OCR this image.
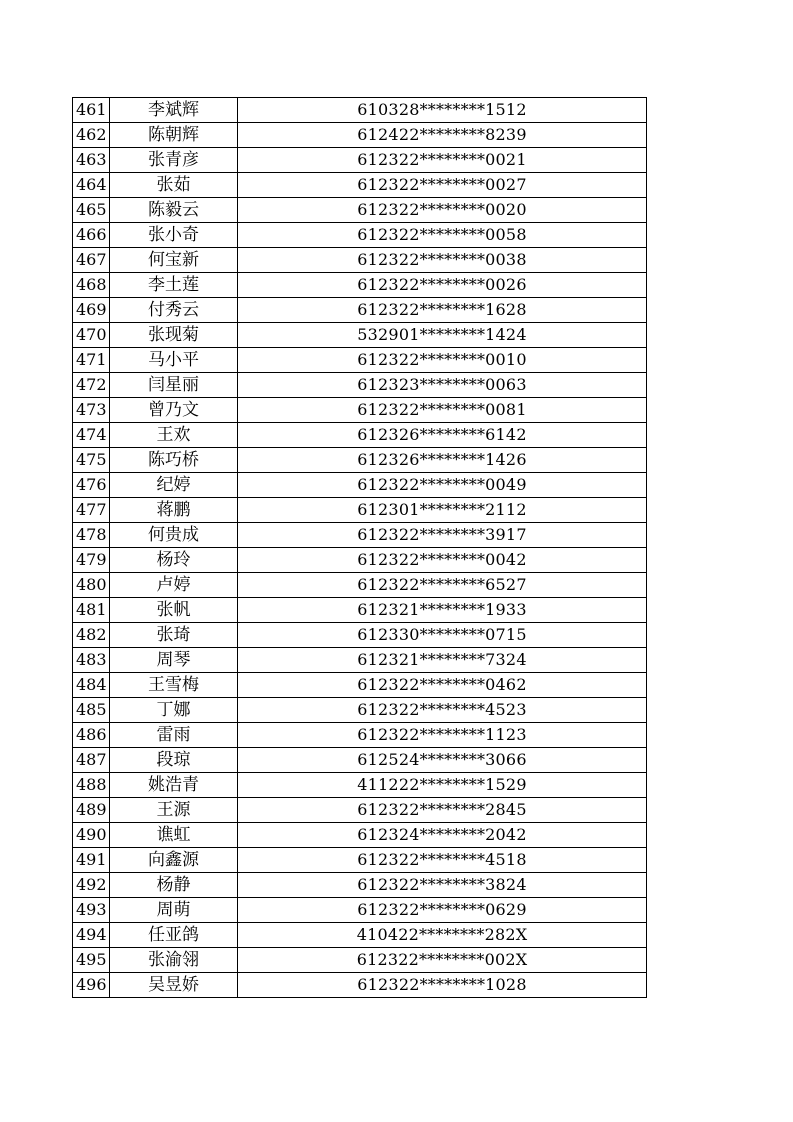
461	李斌辉	610328********1512
462	陈朝辉	612422********8239
463	张青彦	612322********0021
464	张茹	612322********0027
465	陈毅云	612322********0020
466	张小奇	612322********0058
467	何宝新	612322********0038
468	李土莲	612322********0026
469	付秀云	612322********1628
470	张现菊	532901********1424
471	马小平	612322********0010
472	闫星丽	612323********0063
473	曾乃文	612322********0081
474	王欢	612326********6142
475	陈巧桥	612326********1426
476	纪婷	612322********0049
477	蒋鹏	612301********2112
478	何贵成	612322********3917
479	杨玲	612322********0042
480	卢婷	612322********6527
481	张帆	612321********1933
482	张琦	612330********0715
483	周琴	612321********7324
484	王雪梅	612322********0462
485	丁娜	612322********4523
486	雷雨	612322********1123
487	段琼	612524********3066
488	姚浩青	411222********1529
489	王源	612322********2845
490	谯虹	612324********2042
491	向鑫源	612322********4518
492	杨静	612322********3824
493	周萌	612322********0629
494	任亚鸽	410422********282X
495	张渝翎	612322********002X
496	吴昱娇	612322********1028
